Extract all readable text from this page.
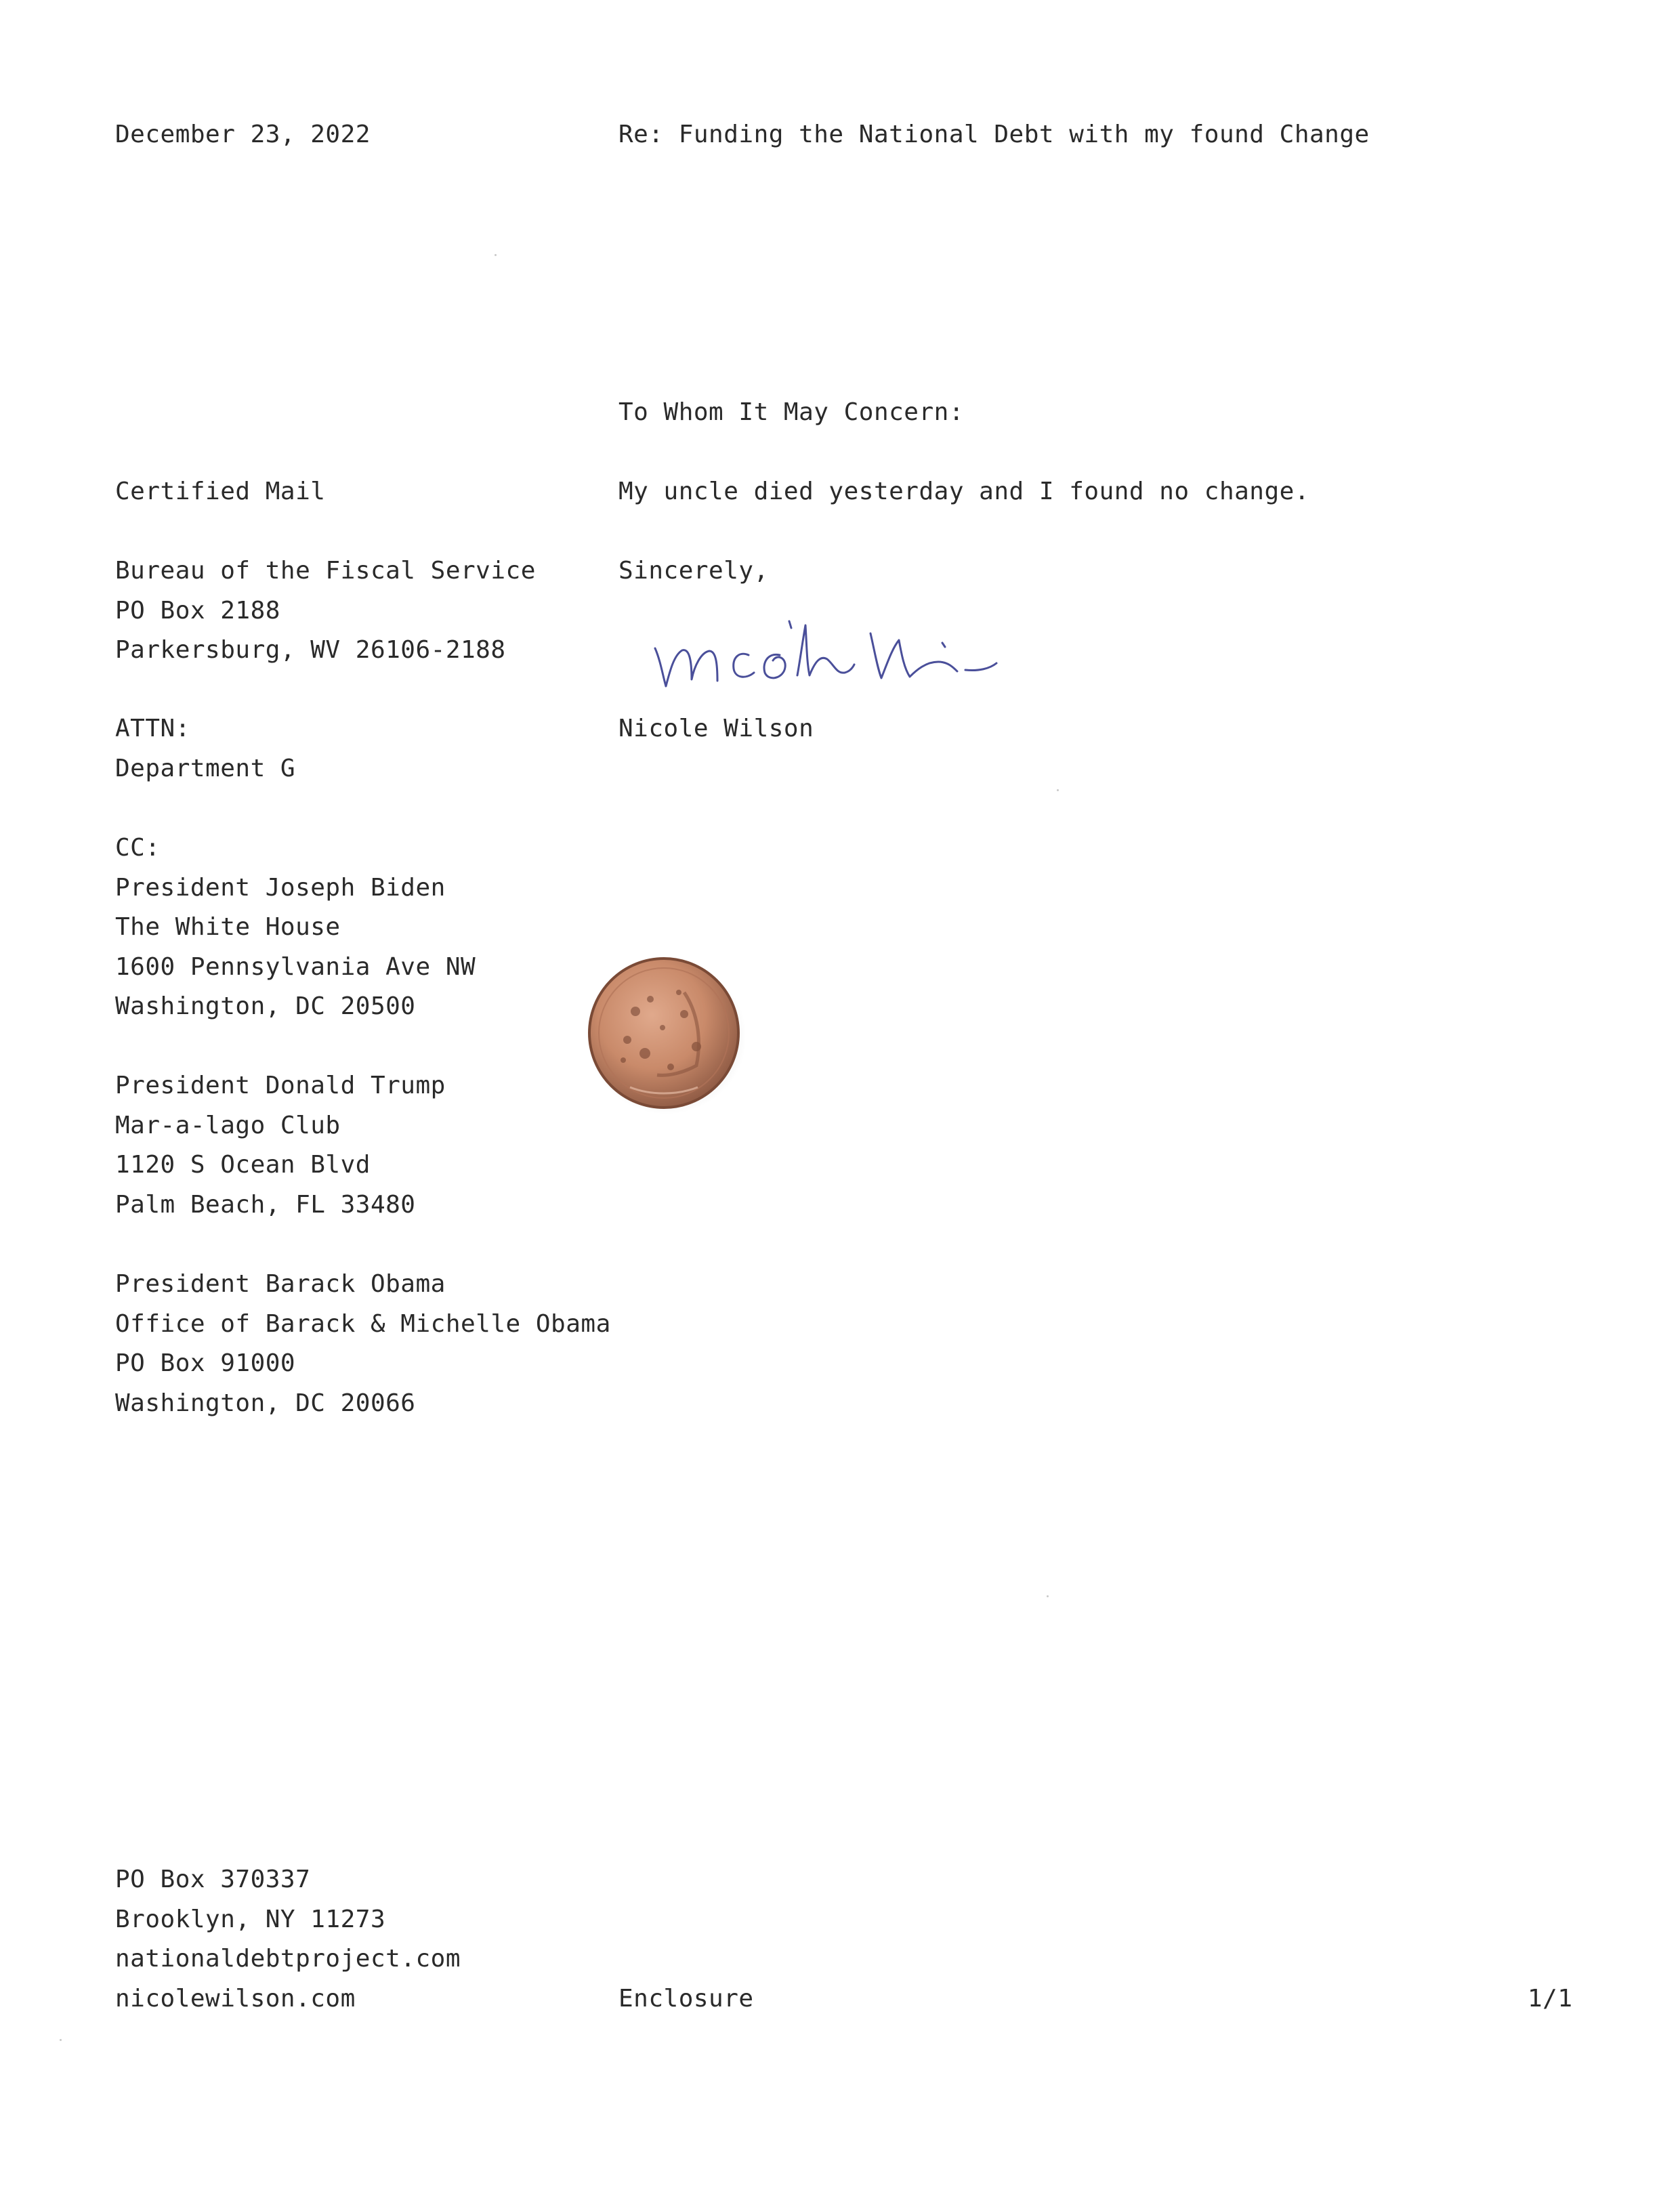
December 23, 2022	Re: Funding the National Debt with my found Change
To Whom It May Concern:
My uncle died yesterday and I found no change.
Sincerely,
Nicole Wilson
Certified Mail
Bureau of the Fiscal Service
PO Box 2188
Parkersburg, WV 26106-2188
ATTN:
Department G
CC:
President Joseph Biden
The White House
1600 Pennsylvania Ave NW
Washington, DC 20500
President Donald Trump
Mar-a-lago Club
1120 S Ocean Blvd
Palm Beach, FL 33480
President Barack Obama
Office of Barack & Michelle Obama
PO Box 91000
Washington, DC 20066
PO Box 370337
Brooklyn, NY 11273
nationaldebtproject.com
nicolewilson.com	Enclosure	1/1
